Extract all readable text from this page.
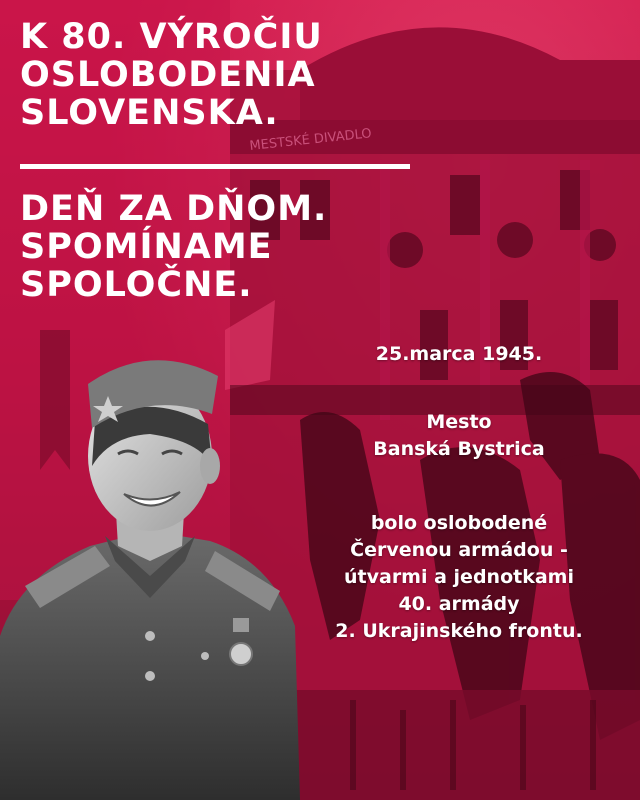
MESTSKÉ DIVADLO
K 80. VÝROČIU
OSLOBODENIA
SLOVENSKA.
DEŇ ZA DŇOM.
SPOMÍNAME
SPOLOČNE.
25.marca 1945.
Mesto
Banská Bystrica
bolo oslobodené
Červenou armádou -
útvarmi a jednotkami
40. armády
2. Ukrajinského frontu.
